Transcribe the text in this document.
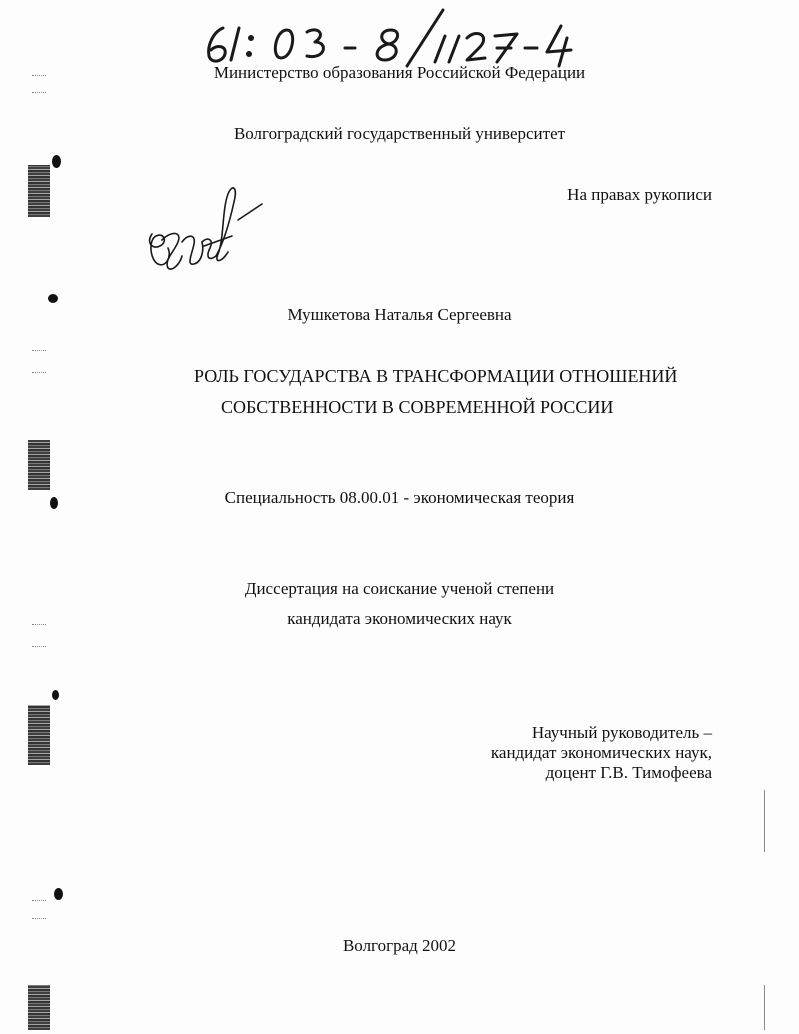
Министерство образования Российской Федерации
Волгоградский государственный университет
На правах рукописи
Мушкетова Наталья Сергеевна
РОЛЬ ГОСУДАРСТВА В ТРАНСФОРМАЦИИ ОТНОШЕНИЙ
СОБСТВЕННОСТИ В СОВРЕМЕННОЙ РОССИИ
Специальность 08.00.01 - экономическая теория
Диссертация на соискание ученой степени
кандидата экономических наук
Научный руководитель –
кандидат экономических наук,
доцент Г.В. Тимофеева
Волгоград 2002
